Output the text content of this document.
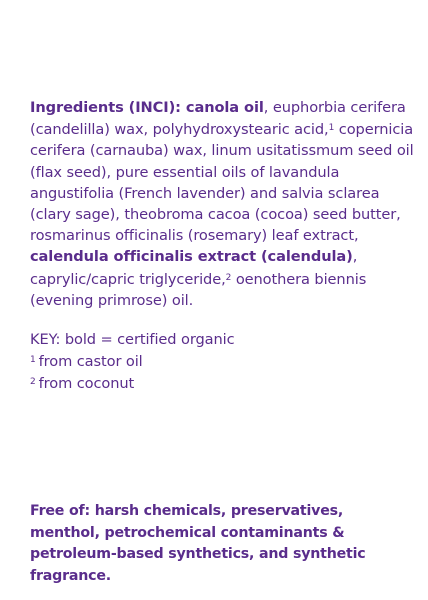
Ingredients (INCI): canola oil, euphorbia cerifera (candelilla) wax, polyhydroxystearic acid,$^1$ copernicia cerifera (carnauba) wax, linum usitatissmum seed oil (flax seed), pure essential oils of lavandula angustifolia (French lavender) and salvia sclarea (clary sage), theobroma cacoa (cocoa) seed butter, rosmarinus officinalis (rosemary) leaf extract, calendula officinalis extract (calendula), caprylic/capric triglyceride,$^2$ oenothera biennis (evening primrose) oil.

KEY: bold = certified organic
$^1$ from castor oil
$^2$ from coconut

Free of: harsh chemicals, preservatives, menthol, petrochemical contaminants & petroleum-based synthetics, and synthetic fragrance.
